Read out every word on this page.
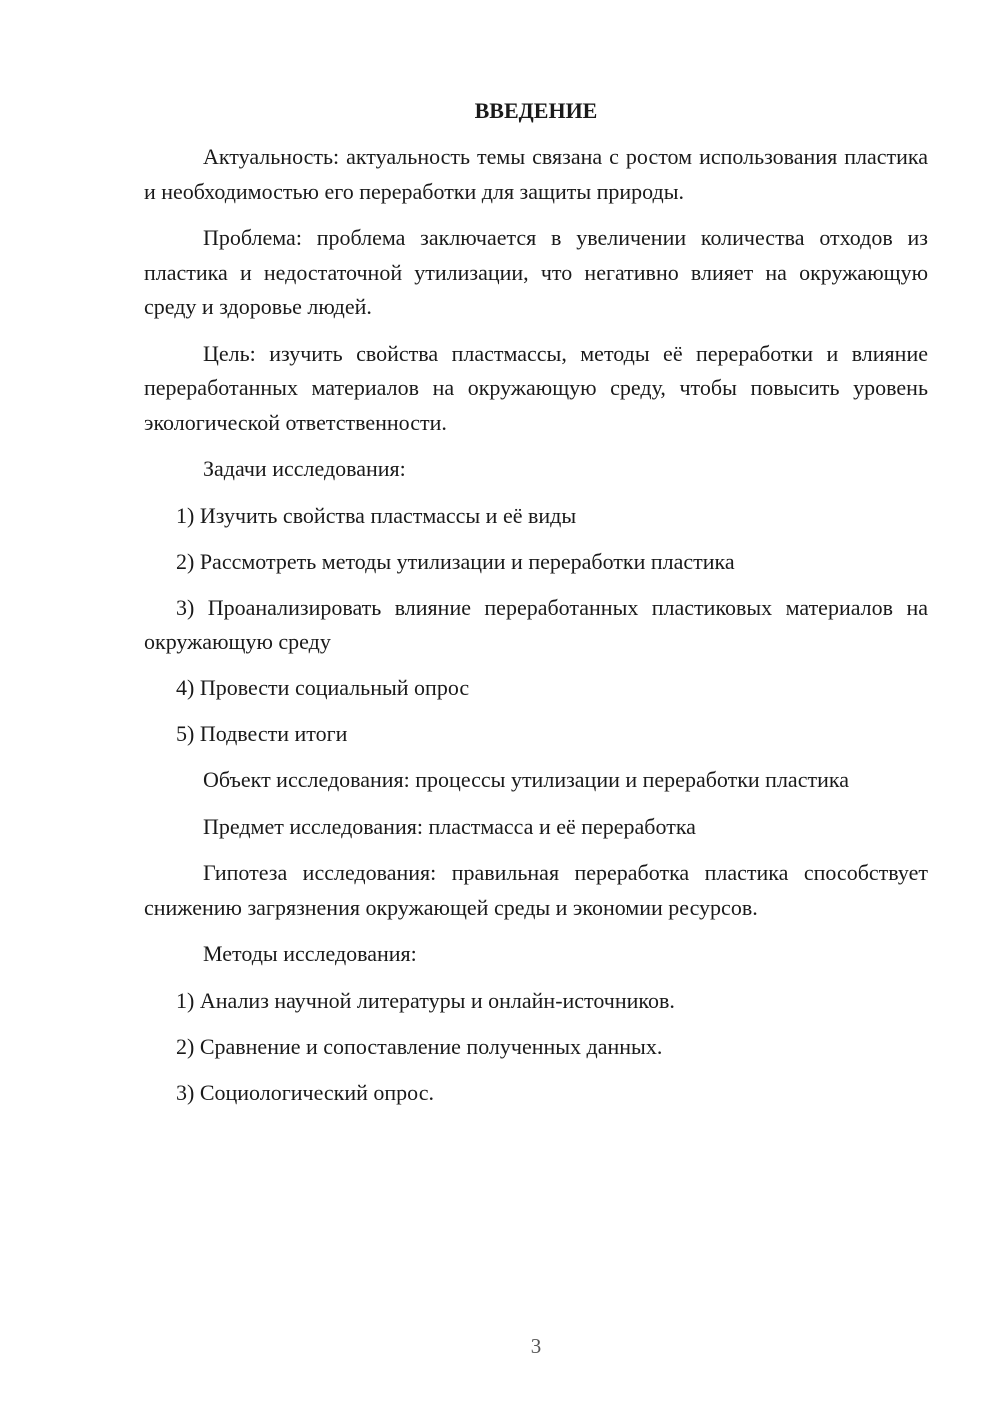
ВВЕДЕНИЕ

Актуальность: актуальность темы связана с ростом использования пластика и необходимостью его переработки для защиты природы.

Проблема: проблема заключается в увеличении количества отходов из пластика и недостаточной утилизации, что негативно влияет на окружающую среду и здоровье людей.

Цель: изучить свойства пластмассы, методы её переработки и влияние переработанных материалов на окружающую среду, чтобы повысить уровень экологической ответственности.

Задачи исследования:

1) Изучить свойства пластмассы и её виды

2) Рассмотреть методы утилизации и переработки пластика

3) Проанализировать влияние переработанных пластиковых материалов на окружающую среду

4) Провести социальный опрос

5) Подвести итоги

Объект исследования: процессы утилизации и переработки пластика

Предмет исследования: пластмасса и её переработка

Гипотеза исследования: правильная переработка пластика способствует снижению загрязнения окружающей среды и экономии ресурсов.

Методы исследования:

1) Анализ научной литературы и онлайн-источников.

2) Сравнение и сопоставление полученных данных.

3) Социологический опрос.

3
